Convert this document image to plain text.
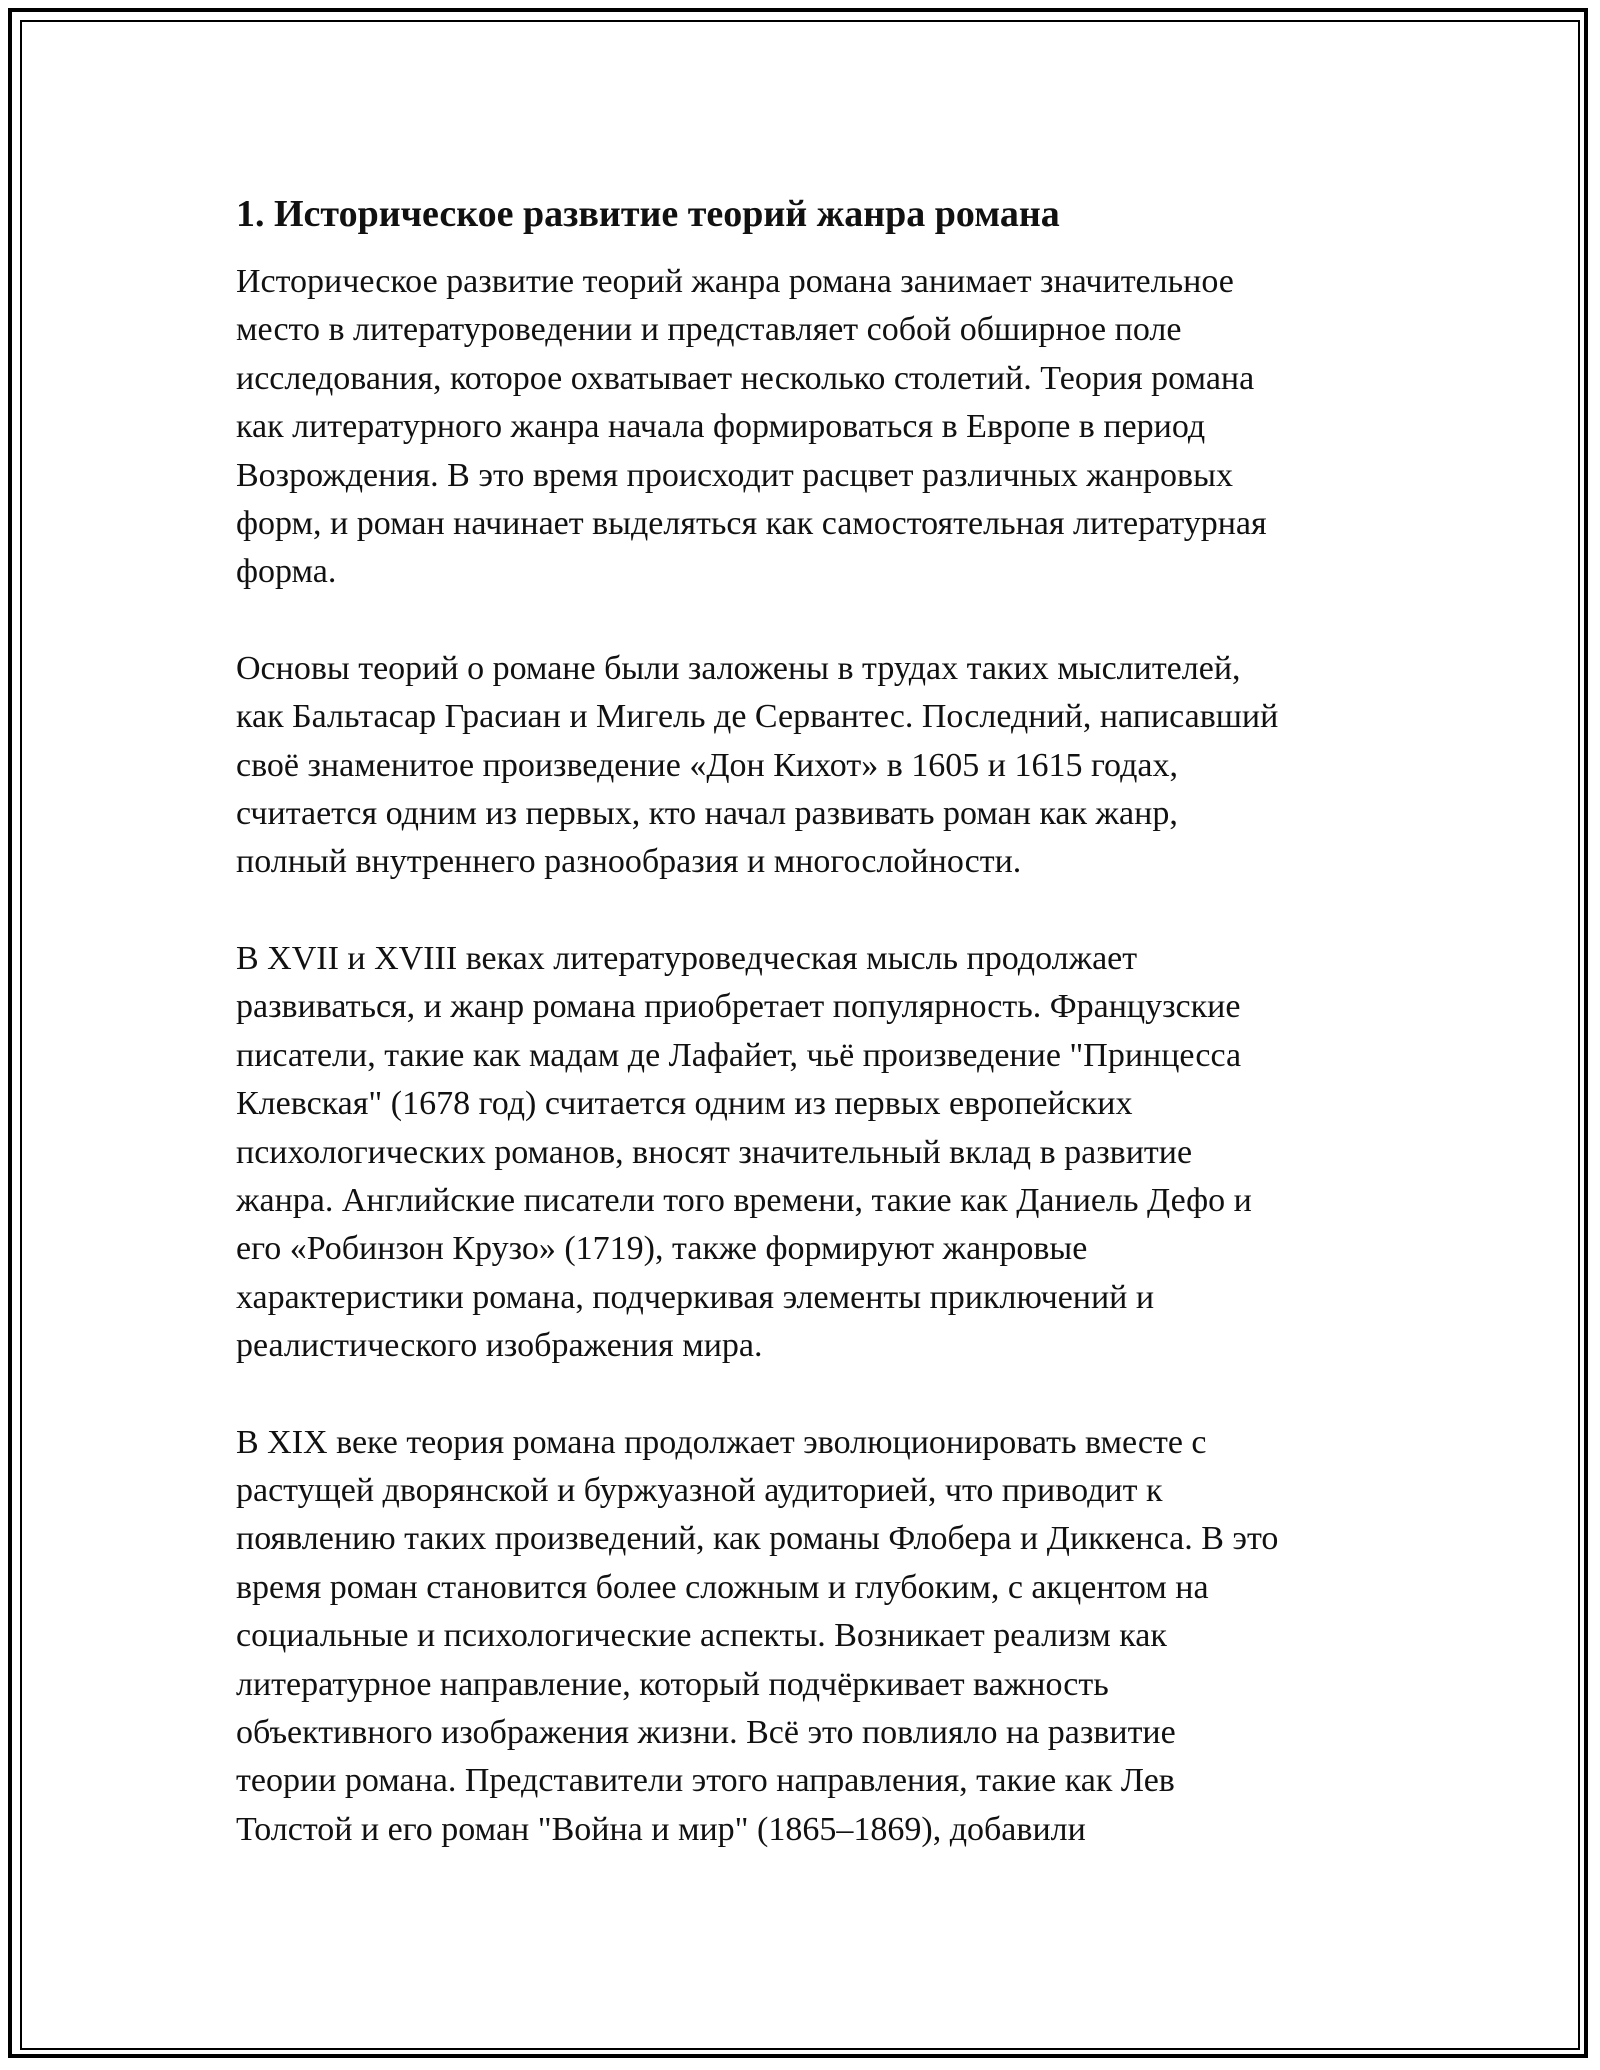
1. Историческое развитие теорий жанра романа
Историческое развитие теорий жанра романа занимает значительное
место в литературоведении и представляет собой обширное поле
исследования, которое охватывает несколько столетий. Теория романа
как литературного жанра начала формироваться в Европе в период
Возрождения. В это время происходит расцвет различных жанровых
форм, и роман начинает выделяться как самостоятельная литературная
форма.
Основы теорий о романе были заложены в трудах таких мыслителей,
как Бальтасар Грасиан и Мигель де Сервантес. Последний, написавший
своё знаменитое произведение «Дон Кихот» в 1605 и 1615 годах,
считается одним из первых, кто начал развивать роман как жанр,
полный внутреннего разнообразия и многослойности.
В XVII и XVIII веках литературоведческая мысль продолжает
развиваться, и жанр романа приобретает популярность. Французские
писатели, такие как мадам де Лафайет, чьё произведение "Принцесса
Клевская" (1678 год) считается одним из первых европейских
психологических романов, вносят значительный вклад в развитие
жанра. Английские писатели того времени, такие как Даниель Дефо и
его «Робинзон Крузо» (1719), также формируют жанровые
характеристики романа, подчеркивая элементы приключений и
реалистического изображения мира.
В XIX веке теория романа продолжает эволюционировать вместе с
растущей дворянской и буржуазной аудиторией, что приводит к
появлению таких произведений, как романы Флобера и Диккенса. В это
время роман становится более сложным и глубоким, с акцентом на
социальные и психологические аспекты. Возникает реализм как
литературное направление, который подчёркивает важность
объективного изображения жизни. Всё это повлияло на развитие
теории романа. Представители этого направления, такие как Лев
Толстой и его роман "Война и мир" (1865–1869), добавили
